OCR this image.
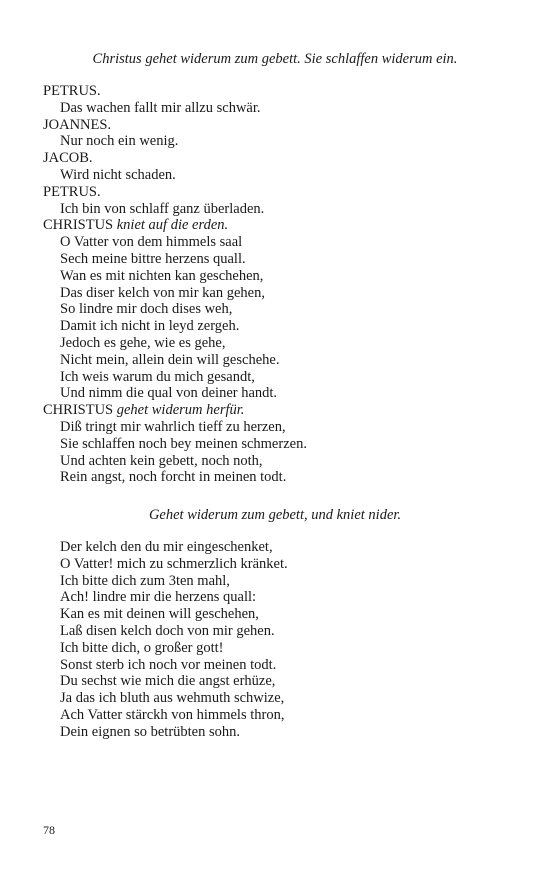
Christus gehet widerum zum gebett. Sie schlaffen widerum ein.
PETRUS.
Das wachen fallt mir allzu schwär.
JOANNES.
Nur noch ein wenig.
JACOB.
Wird nicht schaden.
PETRUS.
Ich bin von schlaff ganz überladen.
CHRISTUS kniet auf die erden.
O Vatter von dem himmels saal
Sech meine bittre herzens quall.
Wan es mit nichten kan geschehen,
Das diser kelch von mir kan gehen,
So lindre mir doch dises weh,
Damit ich nicht in leyd zergeh.
Jedoch es gehe, wie es gehe,
Nicht mein, allein dein will geschehe.
Ich weis warum du mich gesandt,
Und nimm die qual von deiner handt.
CHRISTUS gehet widerum herfür.
Diß tringt mir wahrlich tieff zu herzen,
Sie schlaffen noch bey meinen schmerzen.
Und achten kein gebett, noch noth,
Rein angst, noch forcht in meinen todt.
Gehet widerum zum gebett, und kniet nider.
Der kelch den du mir eingeschenket,
O Vatter! mich zu schmerzlich kränket.
Ich bitte dich zum 3ten mahl,
Ach! lindre mir die herzens quall:
Kan es mit deinen will geschehen,
Laß disen kelch doch von mir gehen.
Ich bitte dich, o großer gott!
Sonst sterb ich noch vor meinen todt.
Du sechst wie mich die angst erhüze,
Ja das ich bluth aus wehmuth schwize,
Ach Vatter stärckh von himmels thron,
Dein eignen so betrübten sohn.
78
